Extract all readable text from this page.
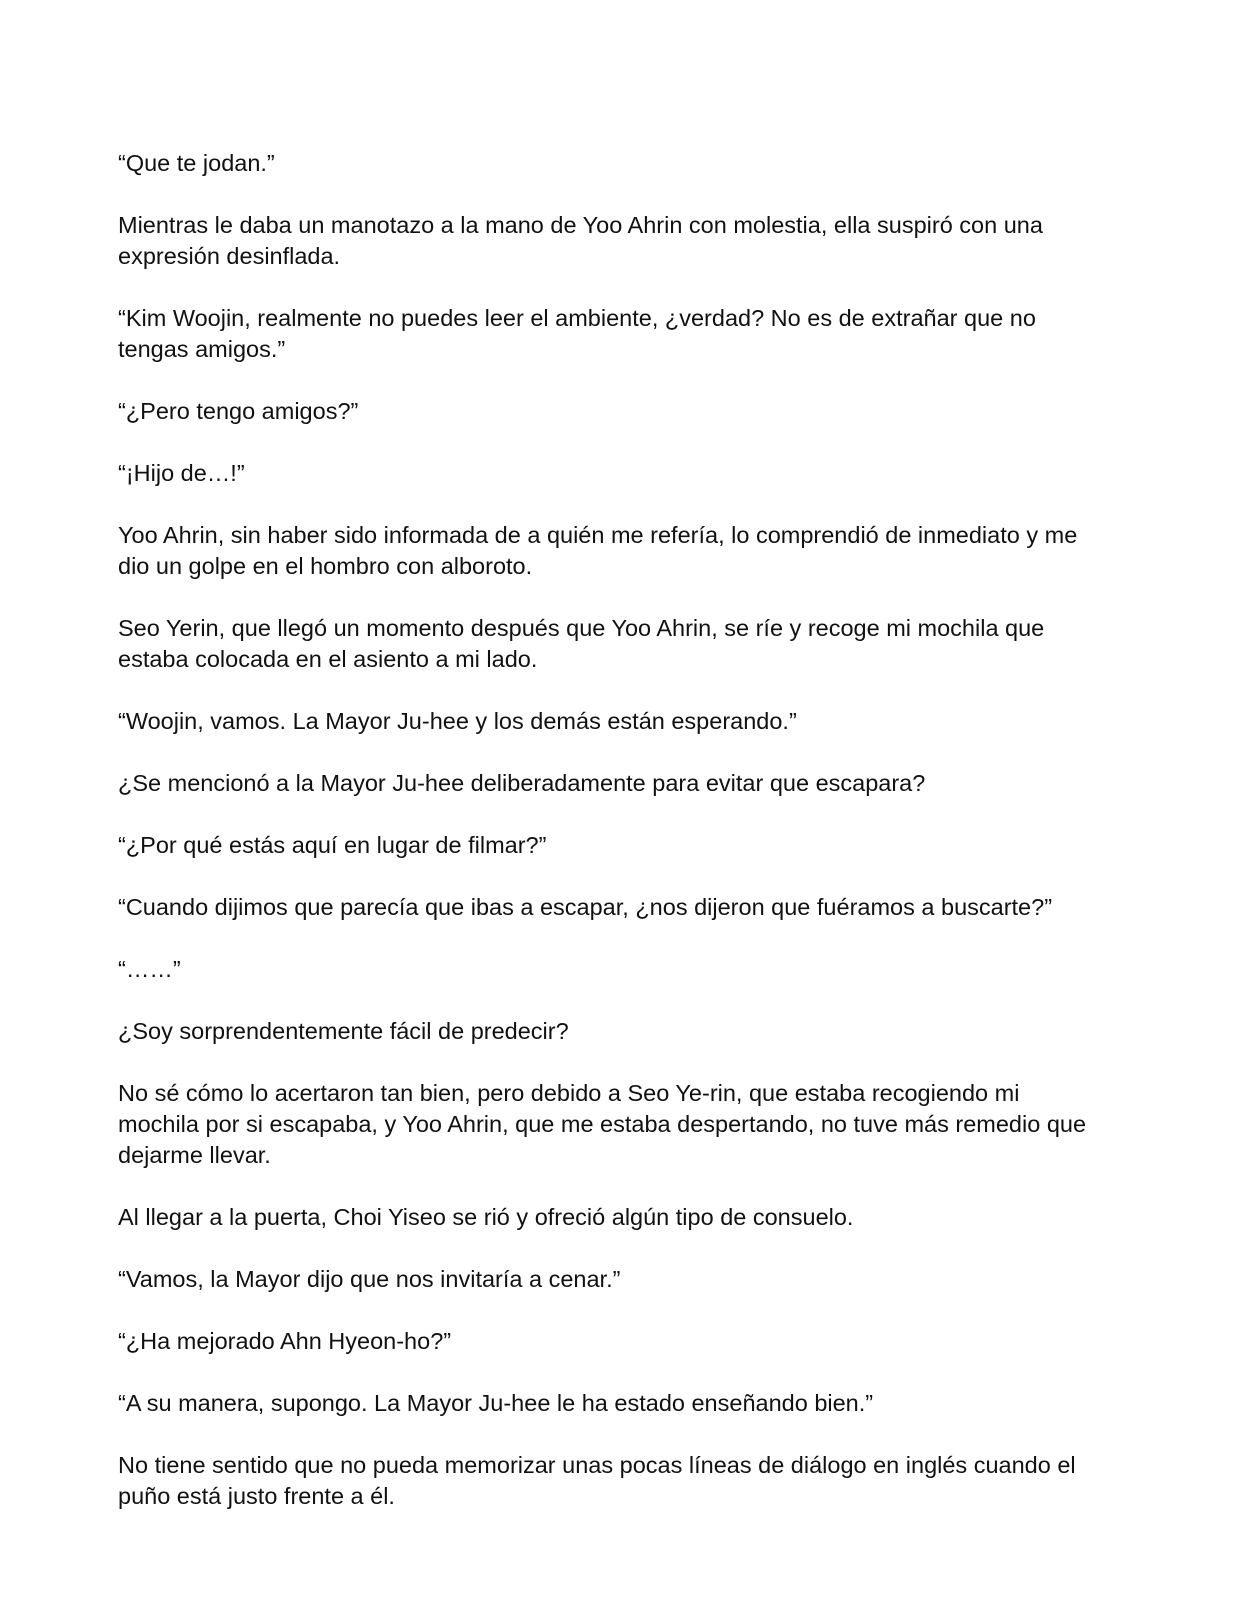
“Que te jodan.”

Mientras le daba un manotazo a la mano de Yoo Ahrin con molestia, ella suspiró con una expresión desinflada.

“Kim Woojin, realmente no puedes leer el ambiente, ¿verdad? No es de extrañar que no tengas amigos.”

“¿Pero tengo amigos?”

“¡Hijo de…!”

Yoo Ahrin, sin haber sido informada de a quién me refería, lo comprendió de inmediato y me dio un golpe en el hombro con alboroto.

Seo Yerin, que llegó un momento después que Yoo Ahrin, se ríe y recoge mi mochila que estaba colocada en el asiento a mi lado.

“Woojin, vamos. La Mayor Ju-hee y los demás están esperando.”

¿Se mencionó a la Mayor Ju-hee deliberadamente para evitar que escapara?

“¿Por qué estás aquí en lugar de filmar?”

“Cuando dijimos que parecía que ibas a escapar, ¿nos dijeron que fuéramos a buscarte?”

“……”

¿Soy sorprendentemente fácil de predecir?

No sé cómo lo acertaron tan bien, pero debido a Seo Ye-rin, que estaba recogiendo mi mochila por si escapaba, y Yoo Ahrin, que me estaba despertando, no tuve más remedio que dejarme llevar.

Al llegar a la puerta, Choi Yiseo se rió y ofreció algún tipo de consuelo.

“Vamos, la Mayor dijo que nos invitaría a cenar.”

“¿Ha mejorado Ahn Hyeon-ho?”

“A su manera, supongo. La Mayor Ju-hee le ha estado enseñando bien.”

No tiene sentido que no pueda memorizar unas pocas líneas de diálogo en inglés cuando el puño está justo frente a él.
